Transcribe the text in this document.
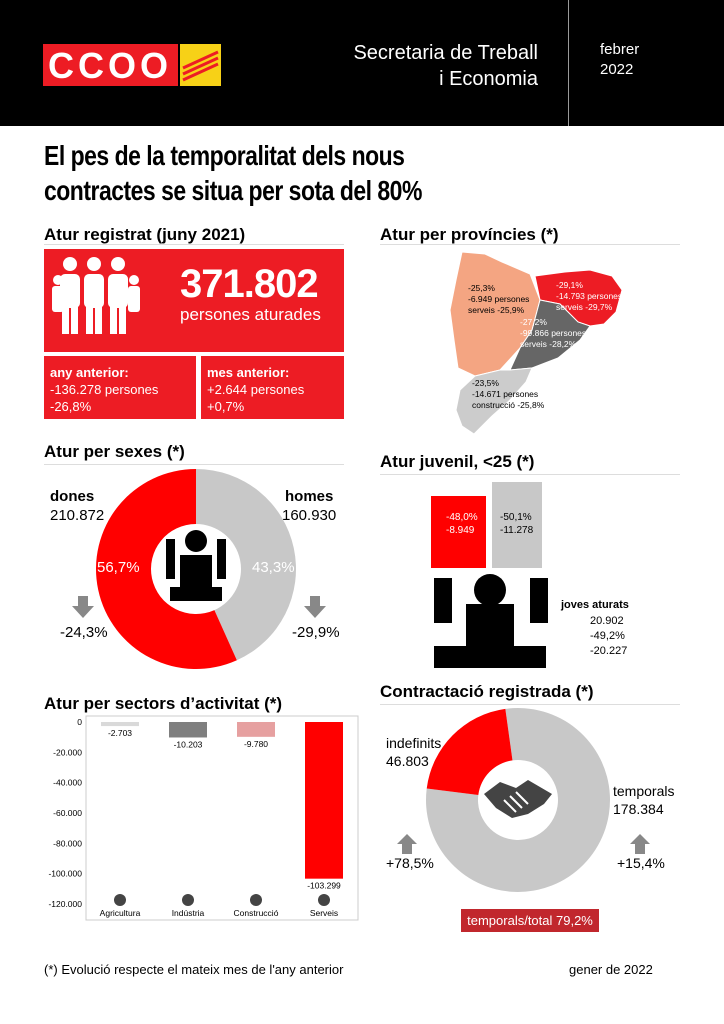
CCOO	Secretaria de Treball
i Economia
febrer
2022
El pes de la temporalitat dels nous
contractes se situa per sota del 80%
Atur registrat (juny 2021)
371.802
persones aturades
any anterior:
-136.278 persones
-26,8%
mes anterior:
+2.644 persones
+0,7%
Atur per províncies (*)
-25,3%
-6.949 persones
serveis -25,9%
-29,1%
-14.793 persones
serveis -29,7%
-27,2%
-99.866 persones
serveis -28,2%
-23,5%
-14.671 persones
construcció -25,8%
Atur per sexes (*)
dones
210.872
homes
160.930
56,7%	43,3%
-24,3%	-29,9%
Atur juvenil, <25 (*)
-48,0%
-8.949
-50,1%
-11.278
joves aturats
20.902
-49,2%
-20.227
Atur per sectors d’activitat (*)
0
-20.000
-40.000
-60.000
-80.000
-100.000
-120.000
-2.703
Agricultura
-10.203
Indústria
-9.780
Construcció
-103.299
Serveis
Contractació registrada (*)
indefinits
46.803
temporals
178.384
+78,5%	+15,4%
temporals/total 79,2%
(*) Evolució respecte el mateix mes de l'any anterior	gener de 2022
